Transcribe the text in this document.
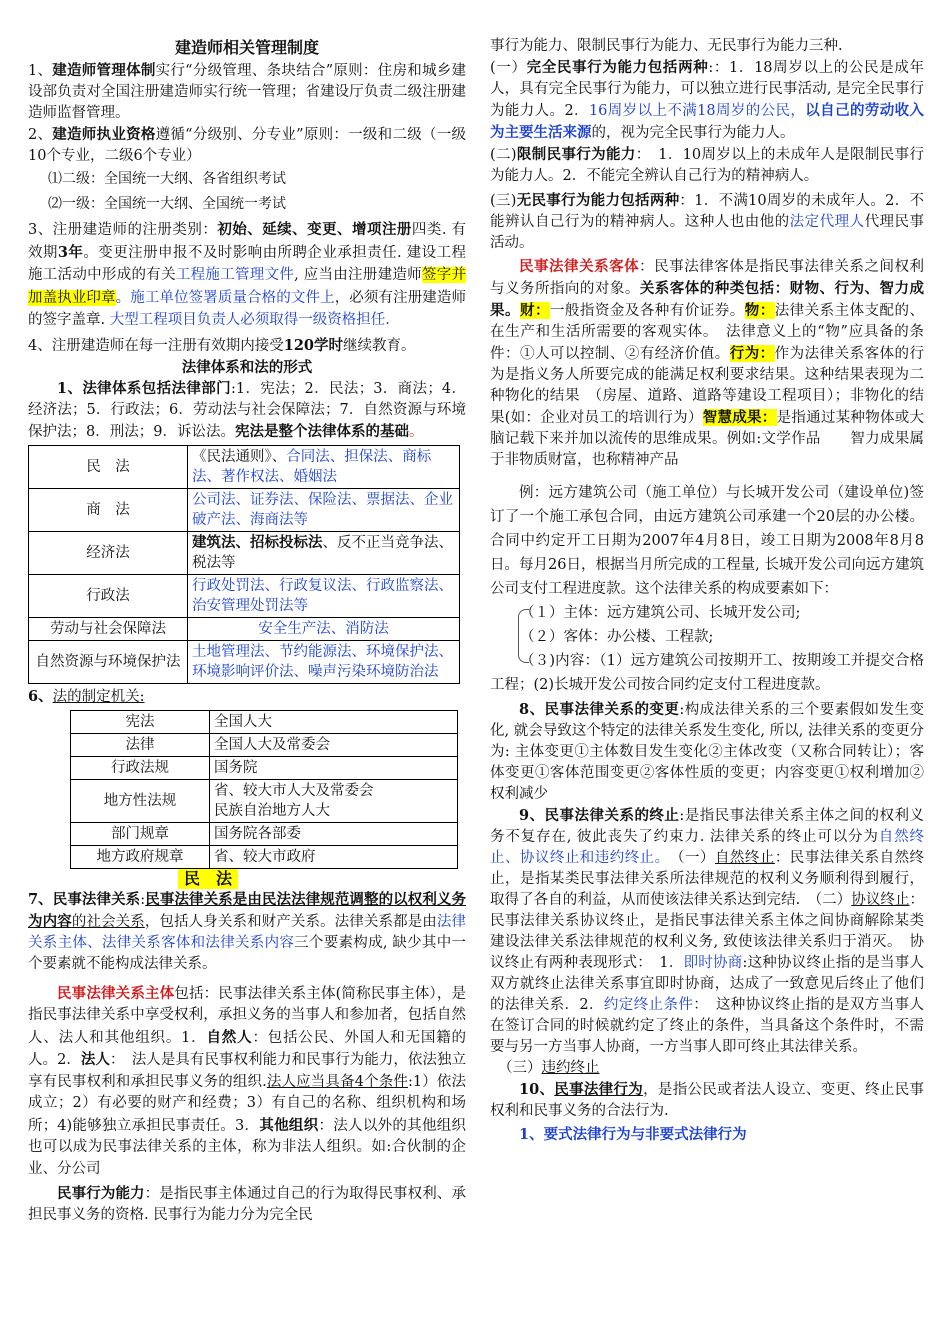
建造师相关管理制度

1、建造师管理体制实行“分级管理、条块结合”原则：住房和城乡建设部负责对全国注册建造师实行统一管理；省建设厅负责二级注册建造师监督管理。

2、建造师执业资格遵循“分级别、分专业”原则：一级和二级（一级10个专业，二级6个专业）

⑴二级：全国统一大纲、各省组织考试

⑵一级：全国统一大纲、全国统一考试

3、注册建造师的注册类别：初始、延续、变更、增项注册四类. 有效期3年。变更注册申报不及时影响由所聘企业承担责任. 建设工程施工活动中形成的有关工程施工管理文件, 应当由注册建造师签字并加盖执业印章。施工单位签署质量合格的文件上，必须有注册建造师的签字盖章. 大型工程项目负责人必须取得一级资格担任.

4、注册建造师在每一注册有效期内接受120学时继续教育。

法律体系和法的形式

1、法律体系包括法律部门:1．宪法；2．民法；3．商法；4．经济法；5．行政法；6．劳动法与社会保障法；7．自然资源与环境保护法；8．刑法；9．诉讼法。宪法是整个法律体系的基础。

民　法	《民法通则》、合同法、担保法、商标法、著作权法、婚姻法
商　法	公司法、证券法、保险法、票据法、企业破产法、海商法等
经济法	建筑法、招标投标法、反不正当竞争法、税法等
行政法	行政处罚法、行政复议法、行政监察法、治安管理处罚法等
劳动与社会保障法	安全生产法、消防法
自然资源与环境保护法	土地管理法、节约能源法、环境保护法、环境影响评价法、噪声污染环境防治法

6、法的制定机关:

宪法	全国人大
法律	全国人大及常委会
行政法规	国务院
地方性法规	省、较大市人大及常委会
民族自治地方人大
部门规章	国务院各部委
地方政府规章	省、较大市政府
民　法

7、民事法律关系:民事法律关系是由民法法律规范调整的以权利义务为内容的社会关系，包括人身关系和财产关系。法律关系都是由法律关系主体、法律关系客体和法律关系内容三个要素构成, 缺少其中一个要素就不能构成法律关系。

民事法律关系主体包括：民事法律关系主体(简称民事主体），是指民事法律关系中享受权利，承担义务的当事人和参加者，包括自然人、法人和其他组织。1．自然人：包括公民、外国人和无国籍的人。2．法人：　法人是具有民事权利能力和民事行为能力，依法独立享有民事权利和承担民事义务的组织.法人应当具备4个条件:1）依法成立；2）有必要的财产和经费；3）有自己的名称、组织机构和场所；4)能够独立承担民事责任。3．其他组织：法人以外的其他组织也可以成为民事法律关系的主体，称为非法人组织。如:合伙制的企业、分公司

民事行为能力：是指民事主体通过自己的行为取得民事权利、承担民事义务的资格. 民事行为能力分为完全民

事行为能力、限制民事行为能力、无民事行为能力三种.

(一）完全民事行为能力包括两种:：1．18周岁以上的公民是成年人，具有完全民事行为能力，可以独立进行民事活动, 是完全民事行为能力人。2．16周岁以上不满18周岁的公民，以自己的劳动收入为主要生活来源的，视为完全民事行为能力人。

(二)限制民事行为能力：　1．10周岁以上的未成年人是限制民事行为能力人。2．不能完全辨认自己行为的精神病人。

(三)无民事行为能力包括两种：1．不满10周岁的未成年人。2．不能辨认自己行为的精神病人。这种人也由他的法定代理人代理民事活动。

民事法律关系客体：民事法律客体是指民事法律关系之间权利与义务所指向的对象。关系客体的种类包括：财物、行为、智力成果。财：一般指资金及各种有价证券。物：法律关系主体支配的、在生产和生活所需要的客观实体。　法律意义上的“物”应具备的条件：①人可以控制、②有经济价值。行为：作为法律关系客体的行为是指义务人所要完成的能满足权利要求结果。这种结果表现为二种物化的结果　（房屋、道路、道路等建设工程项目）；非物化的结果(如：企业对员工的培训行为）智慧成果：是指通过某种物体或大脑记载下来并加以流传的思维成果。例如:文学作品　　智力成果属于非物质财富，也称精神产品

例：远方建筑公司（施工单位）与长城开发公司（建设单位)签订了一个施工承包合同，由远方建筑公司承建一个20层的办公楼。合同中约定开工日期为2007年4月8日，竣工日期为2008年8月8日。每月26日，根据当月所完成的工程量, 长城开发公司向远方建筑公司支付工程进度款。这个法律关系的构成要素如下：

（１）主体：远方建筑公司、长城开发公司;

（２）客体：办公楼、工程款;

（３)内容：（1）远方建筑公司按期开工、按期竣工并提交合格工程；(2)长城开发公司按合同约定支付工程进度款。

8、民事法律关系的变更:构成法律关系的三个要素假如发生变化, 就会导致这个特定的法律关系发生变化, 所以, 法律关系的变更分为: 主体变更①主体数目发生变化②主体改变（又称合同转让）；客体变更①客体范围变更②客体性质的变更；内容变更①权利增加②权利减少

9、民事法律关系的终止:是指民事法律关系主体之间的权利义务不复存在, 彼此丧失了约束力. 法律关系的终止可以分为自然终止、协议终止和违约终止。　（一）自然终止：民事法律关系自然终止，是指某类民事法律关系所法律规范的权利义务顺利得到履行，取得了各自的利益，从而使该法律关系达到完结.　（二）协议终止：民事法律关系协议终止，是指民事法律关系主体之间协商解除某类建设法律关系法律规范的权利义务, 致使该法律关系归于消灭。　协议终止有两种表现形式：　1．即时协商:这种协议终止指的是当事人双方就终止法律关系事宜即时协商，达成了一致意见后终止了他们的法律关系．2．约定终止条件：　这种协议终止指的是双方当事人在签订合同的时候就约定了终止的条件，当具备这个条件时，不需要与另一方当事人协商，一方当事人即可终止其法律关系。

（三）违约终止

10、民事法律行为，是指公民或者法人设立、变更、终止民事权利和民事义务的合法行为.

1、要式法律行为与非要式法律行为
